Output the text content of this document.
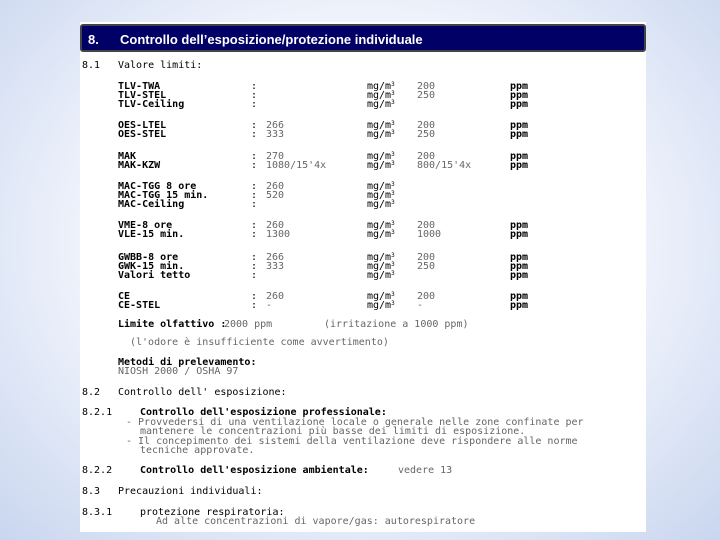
8. Controllo dell’esposizione/protezione individuale
8.1 Valore limiti:
TLV-TWA	:	$mg/m^3$ 200	ppm
TLV-STEL	:	$mg/m^3$ 250	ppm
TLV-Ceiling	:	$mg/m^3$	ppm
OES-LTEL	: 266	$mg/m^3$ 200	ppm
OES-STEL	: 333	$mg/m^3$ 250	ppm
MAK	: 270	$mg/m^3$ 200	ppm
MAK-KZW	: 1080/15'4x	$mg/m^3$ 800/15'4x	ppm
MAC-TGG 8 ore	: 260	$mg/m^3$
MAC-TGG 15 min.	: 520	$mg/m^3$
MAC-Ceiling	:	$mg/m^3$
VME-8 ore	: 260	$mg/m^3$ 200	ppm
VLE-15 min.	: 1300	$mg/m^3$ 1000	ppm
GWBB-8 ore	: 266	$mg/m^3$ 200	ppm
GWK-15 min.	: 333	$mg/m^3$ 250	ppm
Valori tetto	:	$mg/m^3$	ppm
CE	: 260	$mg/m^3$ 200	ppm
CE-STEL	: -	$mg/m^3$ -	ppm
Limite olfattivo :
2000 ppm	(irritazione a 1000 ppm)
(l'odore è insufficiente come avvertimento)
Metodi di prelevamento:
NIOSH 2000 / OSHA 97
8.2 Controllo dell' esposizione:
8.2.1	Controllo dell'esposizione professionale:
- Provvedersi di una ventilazione locale o generale nelle zone confinate per
mantenere le concentrazioni più basse dei limiti di esposizione.
- Il concepimento dei sistemi della ventilazione deve rispondere alle norme
tecniche approvate.
8.2.2	Controllo dell'esposizione ambientale:	vedere 13
8.3 Precauzioni individuali:
8.3.1	protezione respiratoria:
Ad alte concentrazioni di vapore/gas: autorespiratore
